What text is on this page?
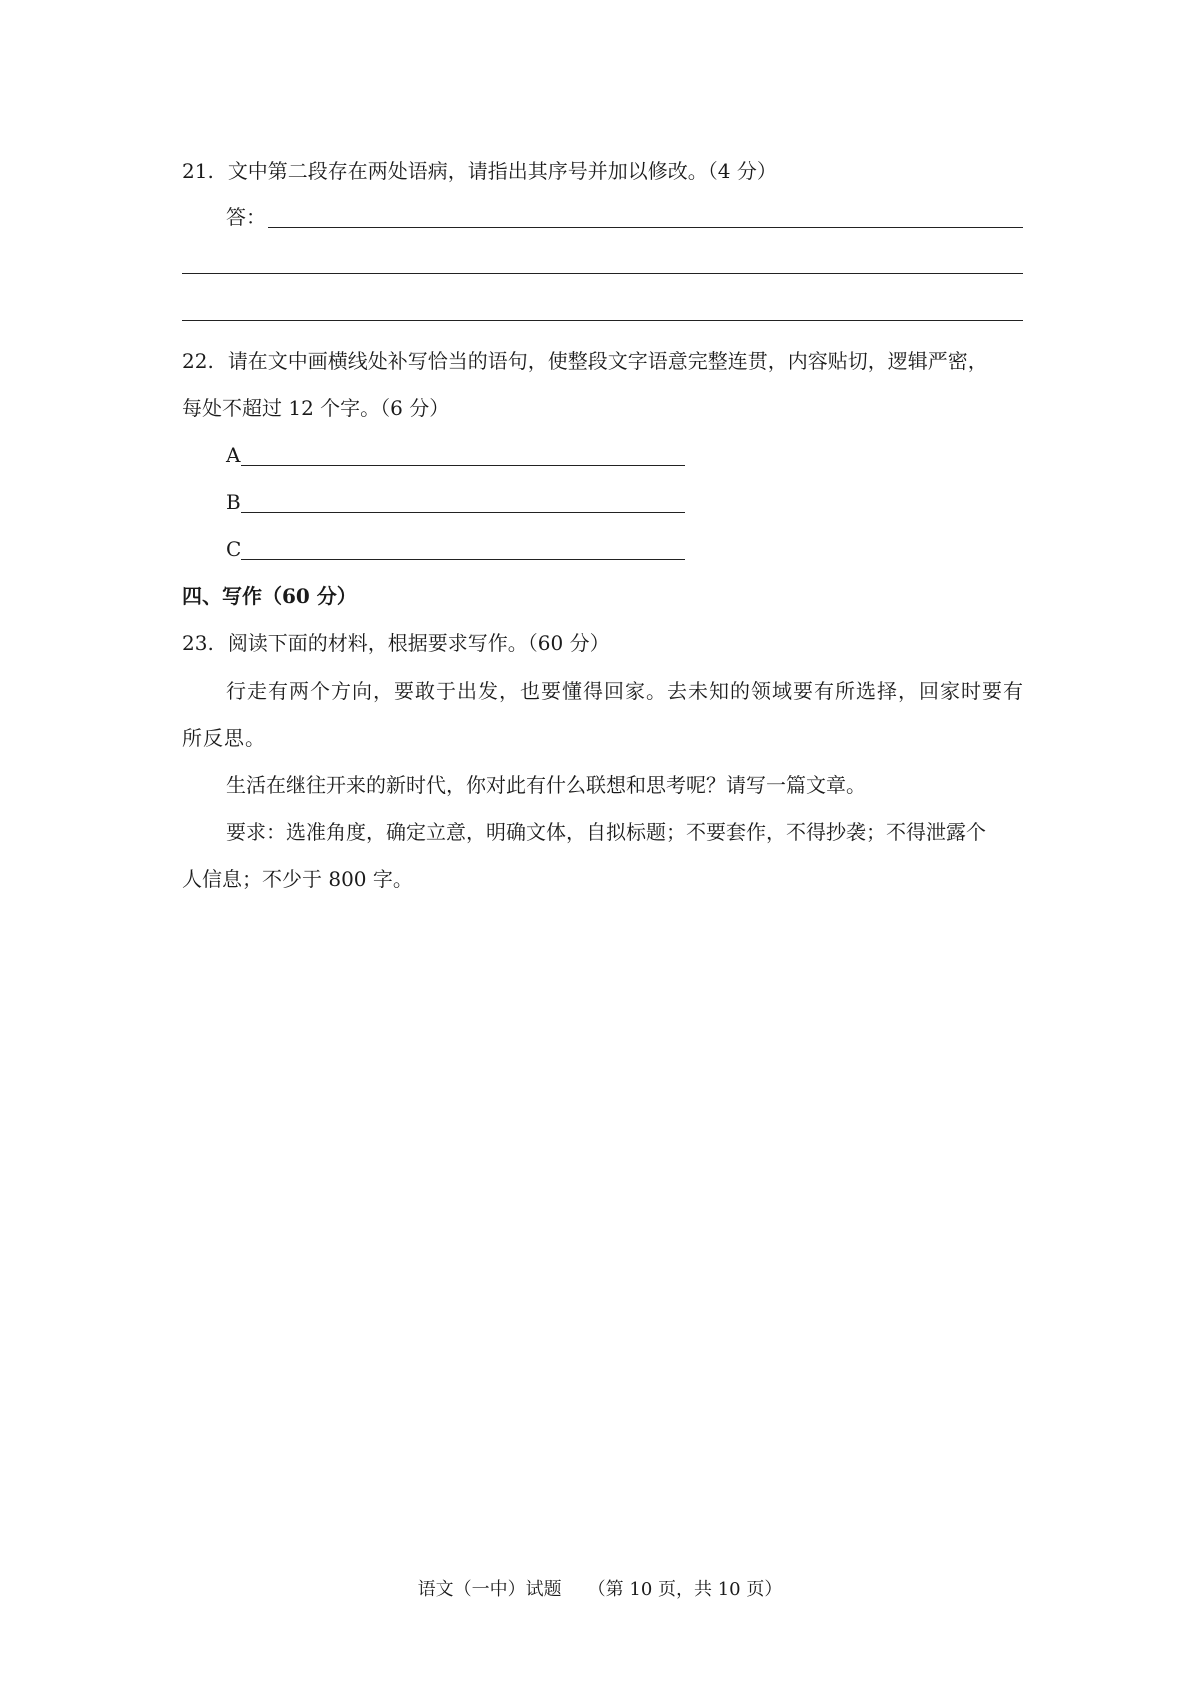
21. 文中第二段存在两处语病，请指出其序号并加以修改。（4 分）
答：
22. 请在文中画横线处补写恰当的语句，使整段文字语意完整连贯，内容贴切，逻辑严密，
每处不超过 12 个字。（6 分）
A
B
C
四、写作（60 分）
23. 阅读下面的材料，根据要求写作。（60 分）
行走有两个方向，要敢于出发，也要懂得回家。去未知的领域要有所选择，回家时要有
所反思。
生活在继往开来的新时代，你对此有什么联想和思考呢？请写一篇文章。
要求：选准角度，确定立意，明确文体，自拟标题；不要套作，不得抄袭；不得泄露个
人信息；不少于 800 字。
语文（一中）试题 （第 10 页，共 10 页）
